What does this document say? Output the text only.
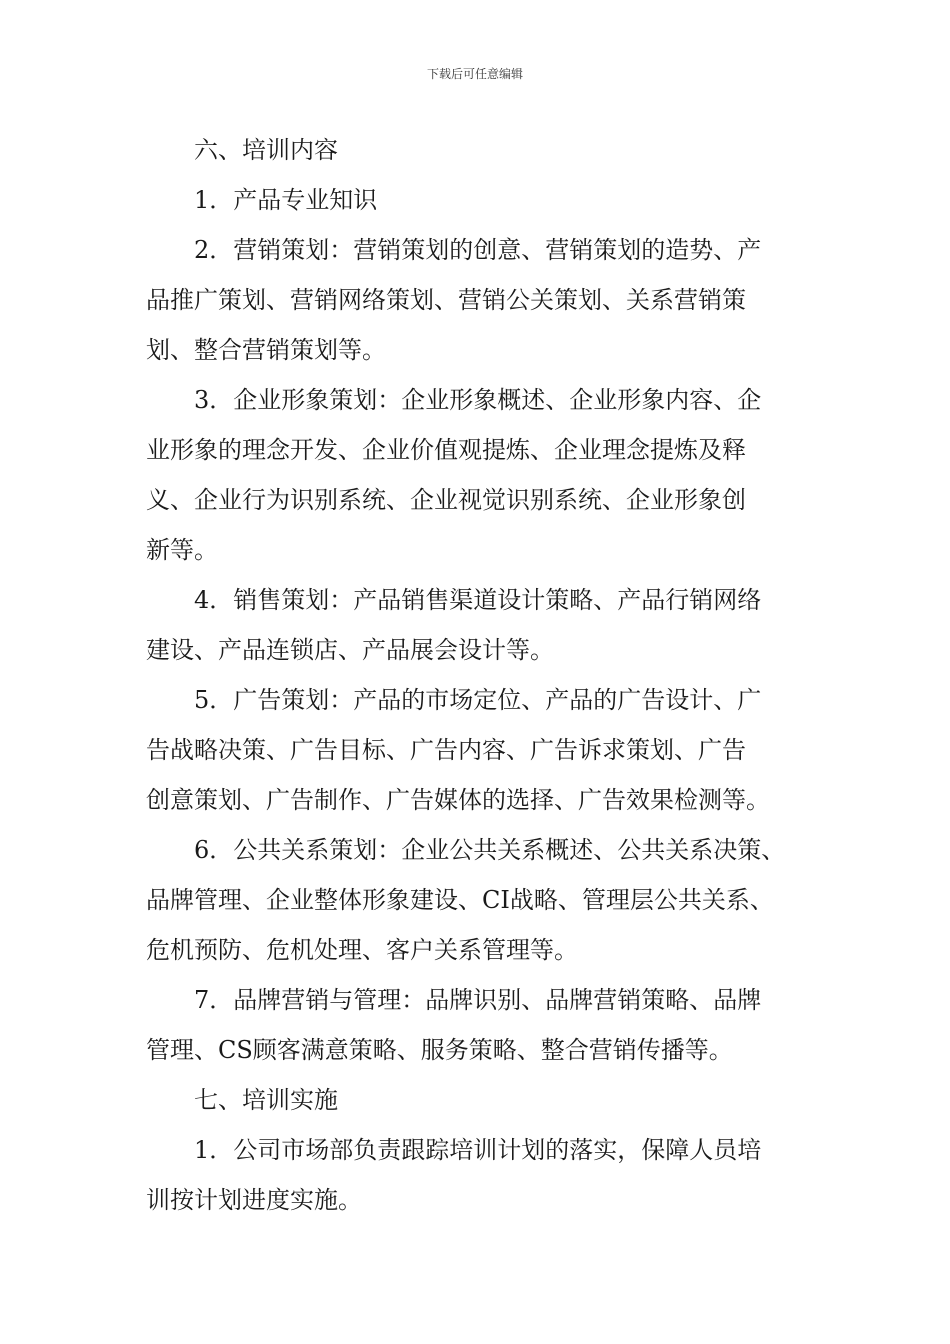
下载后可任意编辑
六、培训内容
1．产品专业知识
2．营销策划：营销策划的创意、营销策划的造势、产
品推广策划、营销网络策划、营销公关策划、关系营销策
划、整合营销策划等。
3．企业形象策划：企业形象概述、企业形象内容、企
业形象的理念开发、企业价值观提炼、企业理念提炼及释
义、企业行为识别系统、企业视觉识别系统、企业形象创
新等。
4．销售策划：产品销售渠道设计策略、产品行销网络
建设、产品连锁店、产品展会设计等。
5．广告策划：产品的市场定位、产品的广告设计、广
告战略决策、广告目标、广告内容、广告诉求策划、广告
创意策划、广告制作、广告媒体的选择、广告效果检测等。
6．公共关系策划：企业公共关系概述、公共关系决策、
品牌管理、企业整体形象建设、CI战略、管理层公共关系、
危机预防、危机处理、客户关系管理等。
7．品牌营销与管理：品牌识别、品牌营销策略、品牌
管理、CS顾客满意策略、服务策略、整合营销传播等。
七、培训实施
1．公司市场部负责跟踪培训计划的落实，保障人员培
训按计划进度实施。
